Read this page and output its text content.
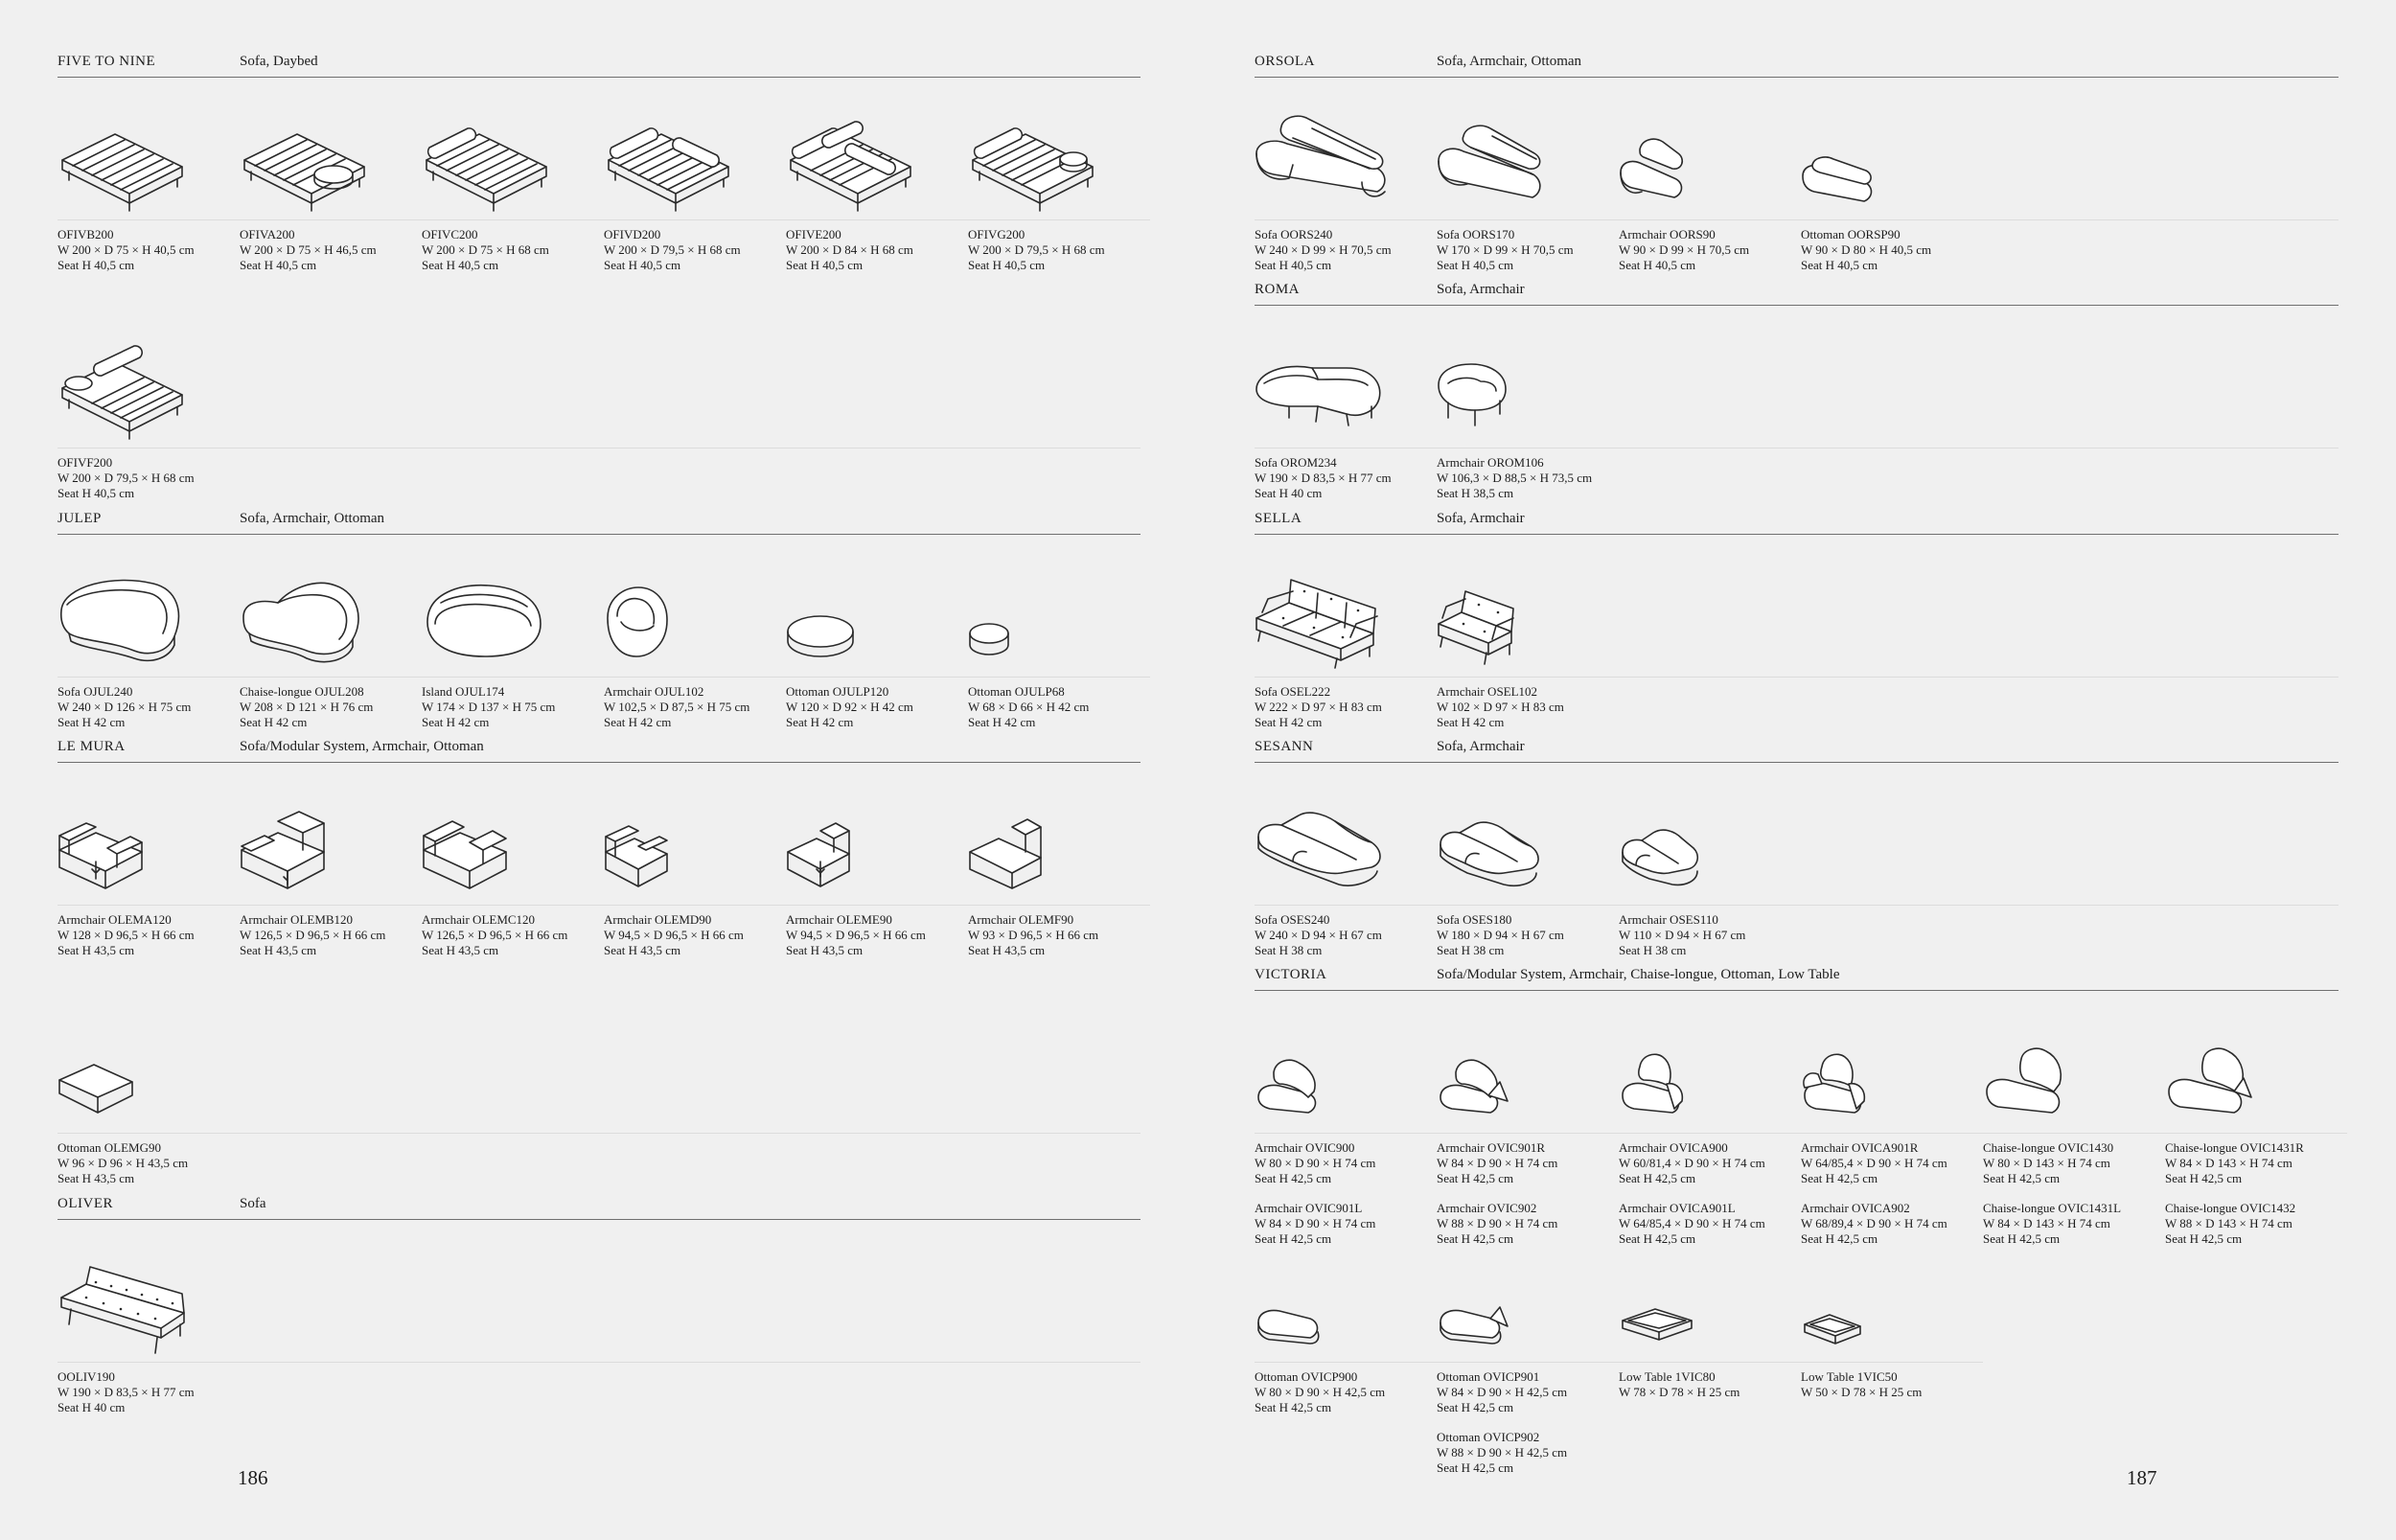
FIVE TO NINE	Sofa, Daybed
OFIVB200
W 200 × D 75 × H 40,5 cm
Seat H 40,5 cm
OFIVA200
W 200 × D 75 × H 46,5 cm
Seat H 40,5 cm
OFIVC200
W 200 × D 75 × H 68 cm
Seat H 40,5 cm
OFIVD200
W 200 × D 79,5 × H 68 cm
Seat H 40,5 cm
OFIVE200
W 200 × D 84 × H 68 cm
Seat H 40,5 cm
OFIVG200
W 200 × D 79,5 × H 68 cm
Seat H 40,5 cm
OFIVF200
W 200 × D 79,5 × H 68 cm
Seat H 40,5 cm
JULEP	Sofa, Armchair, Ottoman
Sofa OJUL240
W 240 × D 126 × H 75 cm
Seat H 42 cm
Chaise-longue OJUL208
W 208 × D 121 × H 76 cm
Seat H 42 cm
Island OJUL174
W 174 × D 137 × H 75 cm
Seat H 42 cm
Armchair OJUL102
W 102,5 × D 87,5 × H 75 cm
Seat H 42 cm
Ottoman OJULP120
W 120 × D 92 × H 42 cm
Seat H 42 cm
Ottoman OJULP68
W 68 × D 66 × H 42 cm
Seat H 42 cm
LE MURA	Sofa/Modular System, Armchair, Ottoman
Armchair OLEMA120
W 128 × D 96,5 × H 66 cm
Seat H 43,5 cm
Armchair OLEMB120
W 126,5 × D 96,5 × H 66 cm
Seat H 43,5 cm
Armchair OLEMC120
W 126,5 × D 96,5 × H 66 cm
Seat H 43,5 cm
Armchair OLEMD90
W 94,5 × D 96,5 × H 66 cm
Seat H 43,5 cm
Armchair OLEME90
W 94,5 × D 96,5 × H 66 cm
Seat H 43,5 cm
Armchair OLEMF90
W 93 × D 96,5 × H 66 cm
Seat H 43,5 cm
Ottoman OLEMG90
W 96 × D 96 × H 43,5 cm
Seat H 43,5 cm
OLIVER	Sofa
OOLIV190
W 190 × D 83,5 × H 77 cm
Seat H 40 cm
186
ORSOLA	Sofa, Armchair, Ottoman
Sofa OORS240
W 240 × D 99 × H 70,5 cm
Seat H 40,5 cm
Sofa OORS170
W 170 × D 99 × H 70,5 cm
Seat H 40,5 cm
Armchair OORS90
W 90 × D 99 × H 70,5 cm
Seat H 40,5 cm
Ottoman OORSP90
W 90 × D 80 × H 40,5 cm
Seat H 40,5 cm
ROMA	Sofa, Armchair
Sofa OROM234
W 190 × D 83,5 × H 77 cm
Seat H 40 cm
Armchair OROM106
W 106,3 × D 88,5 × H 73,5 cm
Seat H 38,5 cm
SELLA	Sofa, Armchair
Sofa OSEL222
W 222 × D 97 × H 83 cm
Seat H 42 cm
Armchair OSEL102
W 102 × D 97 × H 83 cm
Seat H 42 cm
SESANN	Sofa, Armchair
Sofa OSES240
W 240 × D 94 × H 67 cm
Seat H 38 cm
Sofa OSES180
W 180 × D 94 × H 67 cm
Seat H 38 cm
Armchair OSES110
W 110 × D 94 × H 67 cm
Seat H 38 cm
VICTORIA	Sofa/Modular System, Armchair, Chaise-longue, Ottoman, Low Table
Armchair OVIC900
W 80 × D 90 × H 74 cm
Seat H 42,5 cm
Armchair OVIC901L
W 84 × D 90 × H 74 cm
Seat H 42,5 cm
Armchair OVIC901R
W 84 × D 90 × H 74 cm
Seat H 42,5 cm
Armchair OVIC902
W 88 × D 90 × H 74 cm
Seat H 42,5 cm
Armchair OVICA900
W 60/81,4 × D 90 × H 74 cm
Seat H 42,5 cm
Armchair OVICA901L
W 64/85,4 × D 90 × H 74 cm
Seat H 42,5 cm
Armchair OVICA901R
W 64/85,4 × D 90 × H 74 cm
Seat H 42,5 cm
Armchair OVICA902
W 68/89,4 × D 90 × H 74 cm
Seat H 42,5 cm
Chaise-longue OVIC1430
W 80 × D 143 × H 74 cm
Seat H 42,5 cm
Chaise-longue OVIC1431L
W 84 × D 143 × H 74 cm
Seat H 42,5 cm
Chaise-longue OVIC1431R
W 84 × D 143 × H 74 cm
Seat H 42,5 cm
Chaise-longue OVIC1432
W 88 × D 143 × H 74 cm
Seat H 42,5 cm
Ottoman OVICP900
W 80 × D 90 × H 42,5 cm
Seat H 42,5 cm
Ottoman OVICP901
W 84 × D 90 × H 42,5 cm
Seat H 42,5 cm
Ottoman OVICP902
W 88 × D 90 × H 42,5 cm
Seat H 42,5 cm
Low Table 1VIC80
W 78 × D 78 × H 25 cm
Low Table 1VIC50
W 50 × D 78 × H 25 cm
187
